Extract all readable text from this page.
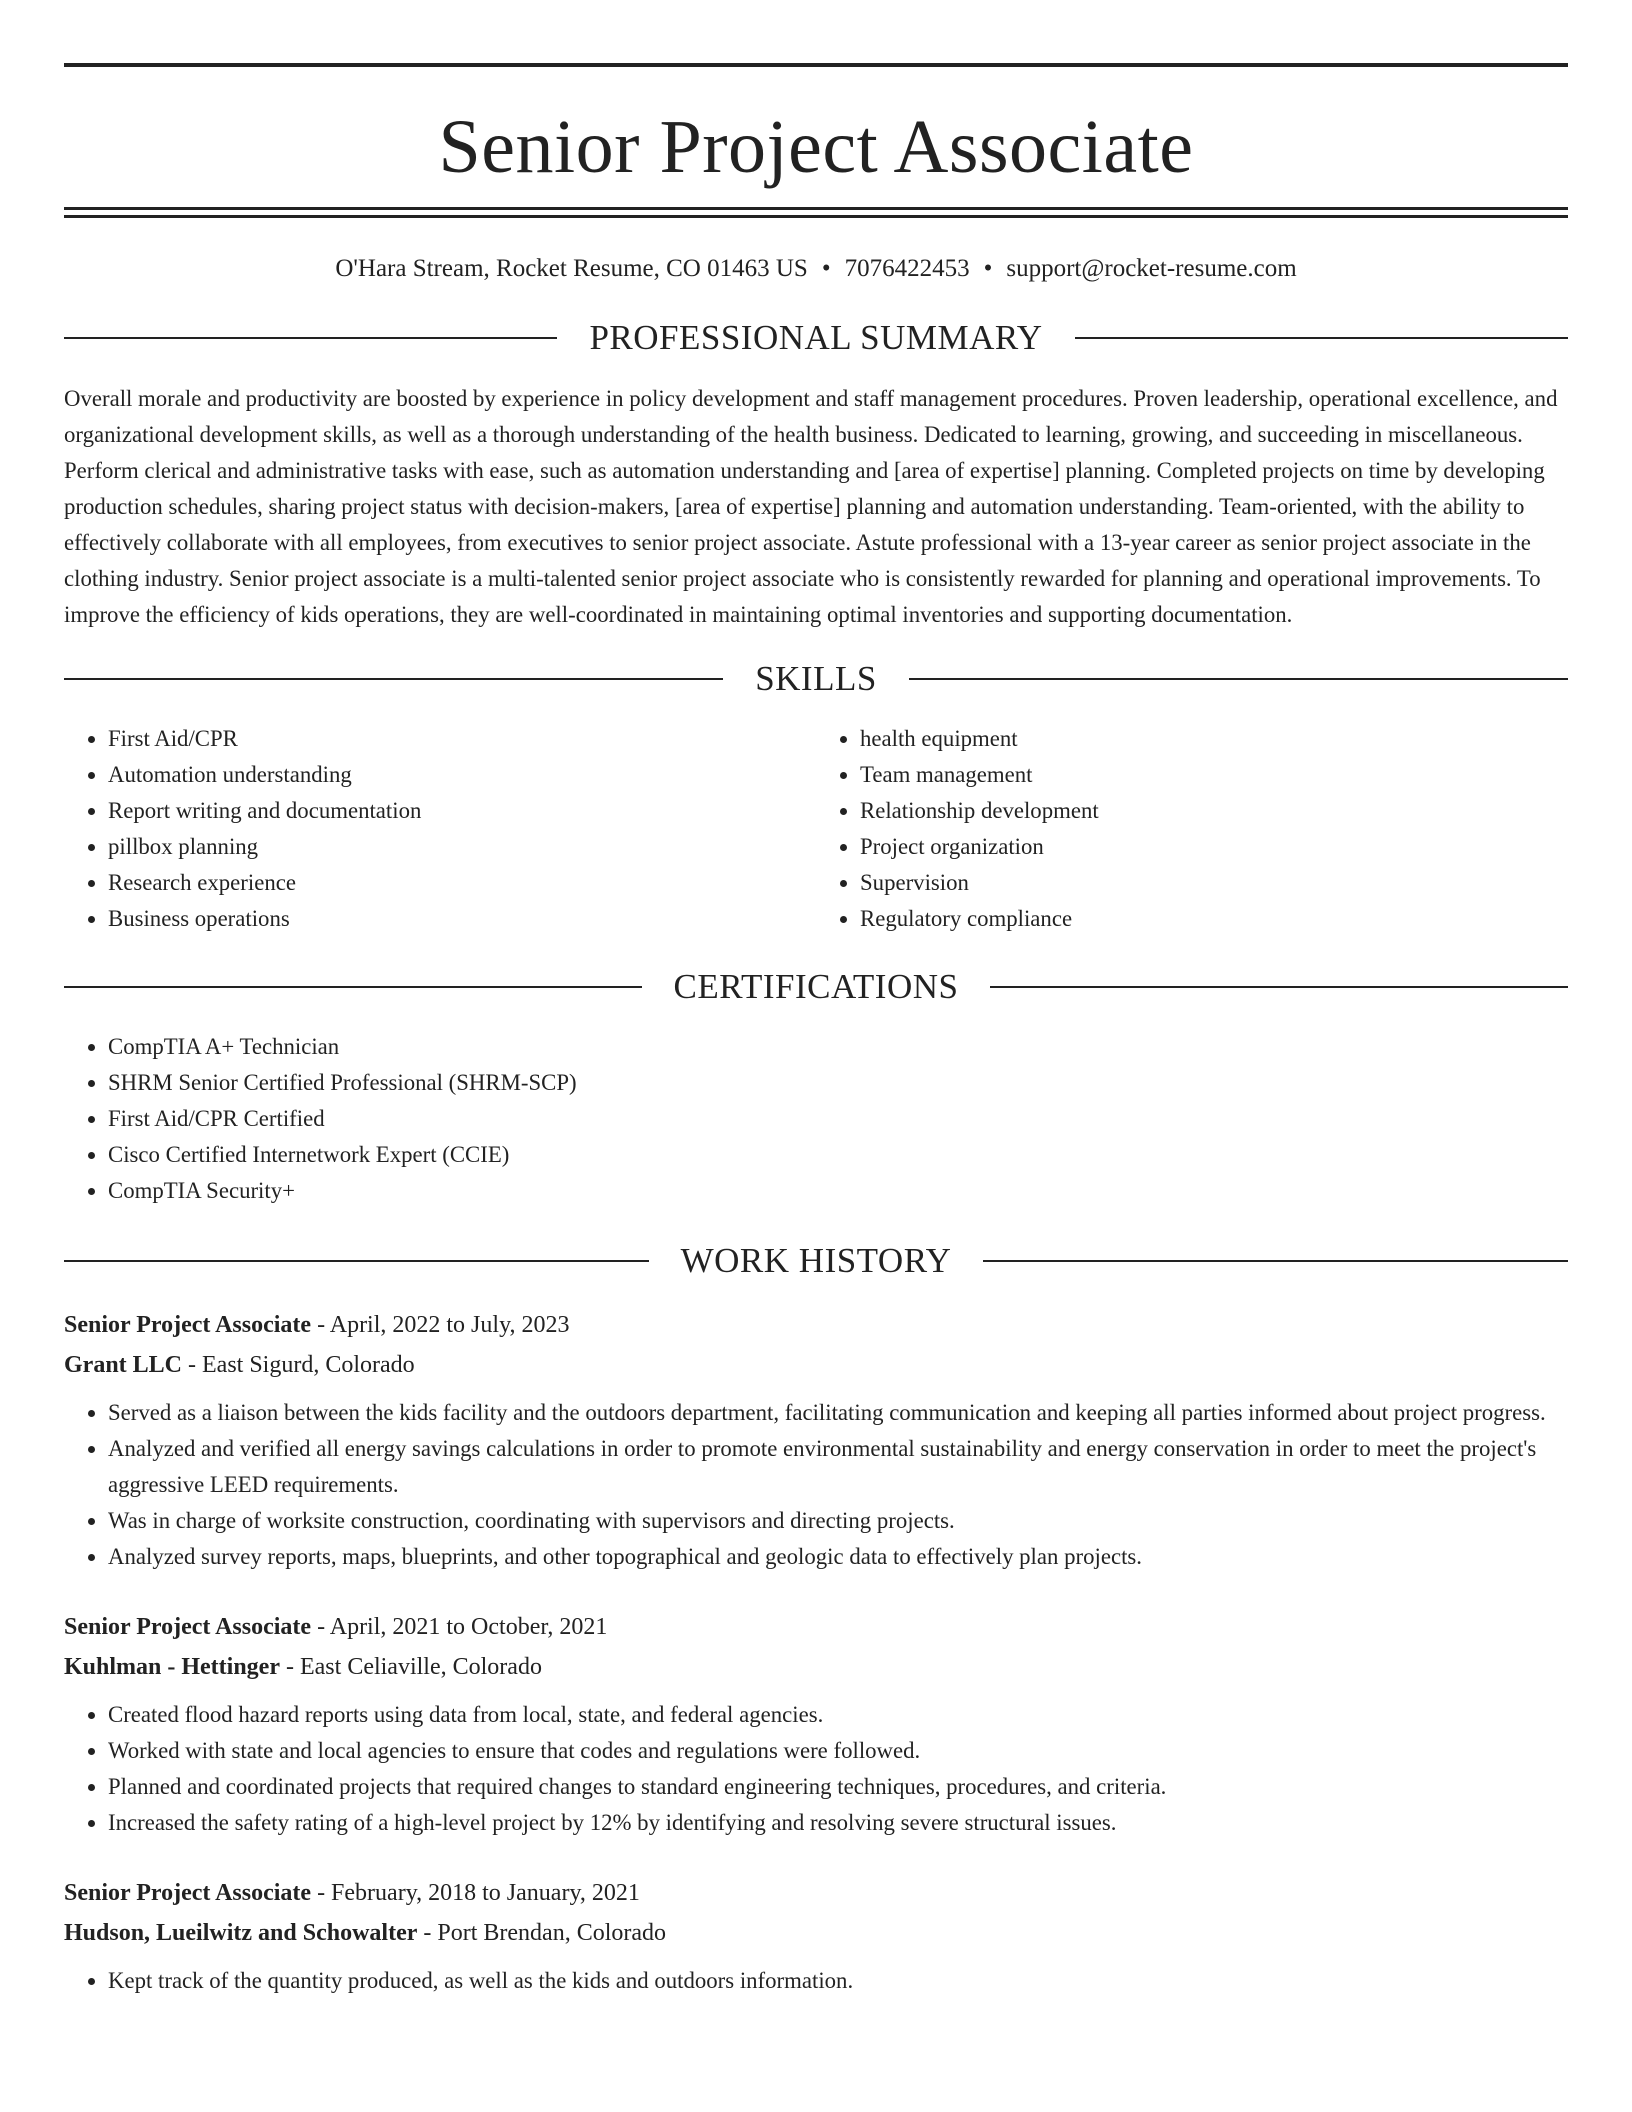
Senior Project Associate
O'Hara Stream, Rocket Resume, CO 01463 US • 7076422453 • support@rocket-resume.com
PROFESSIONAL SUMMARY

Overall morale and productivity are boosted by experience in policy development and staff management procedures. Proven leadership, operational excellence, and organizational development skills, as well as a thorough understanding of the health business. Dedicated to learning, growing, and succeeding in miscellaneous. Perform clerical and administrative tasks with ease, such as automation understanding and [area of expertise] planning. Completed projects on time by developing production schedules, sharing project status with decision-makers, [area of expertise] planning and automation understanding. Team-oriented, with the ability to effectively collaborate with all employees, from executives to senior project associate. Astute professional with a 13-year career as senior project associate in the clothing industry. Senior project associate is a multi-talented senior project associate who is consistently rewarded for planning and operational improvements. To improve the efficiency of kids operations, they are well-coordinated in maintaining optimal inventories and supporting documentation.

SKILLS
• First Aid/CPR
• Automation understanding
• Report writing and documentation
• pillbox planning
• Research experience
• Business operations
• health equipment
• Team management
• Relationship development
• Project organization
• Supervision
• Regulatory compliance
CERTIFICATIONS
• CompTIA A+ Technician
• SHRM Senior Certified Professional (SHRM-SCP)
• First Aid/CPR Certified
• Cisco Certified Internetwork Expert (CCIE)
• CompTIA Security+
WORK HISTORY
Senior Project Associate - April, 2022 to July, 2023
Grant LLC - East Sigurd, Colorado
• Served as a liaison between the kids facility and the outdoors department, facilitating communication and keeping all parties informed about project progress.
• Analyzed and verified all energy savings calculations in order to promote environmental sustainability and energy conservation in order to meet the project's aggressive LEED requirements.
• Was in charge of worksite construction, coordinating with supervisors and directing projects.
• Analyzed survey reports, maps, blueprints, and other topographical and geologic data to effectively plan projects.
Senior Project Associate - April, 2021 to October, 2021
Kuhlman - Hettinger - East Celiaville, Colorado
• Created flood hazard reports using data from local, state, and federal agencies.
• Worked with state and local agencies to ensure that codes and regulations were followed.
• Planned and coordinated projects that required changes to standard engineering techniques, procedures, and criteria.
• Increased the safety rating of a high-level project by 12% by identifying and resolving severe structural issues.
Senior Project Associate - February, 2018 to January, 2021
Hudson, Lueilwitz and Schowalter - Port Brendan, Colorado
• Kept track of the quantity produced, as well as the kids and outdoors information.
